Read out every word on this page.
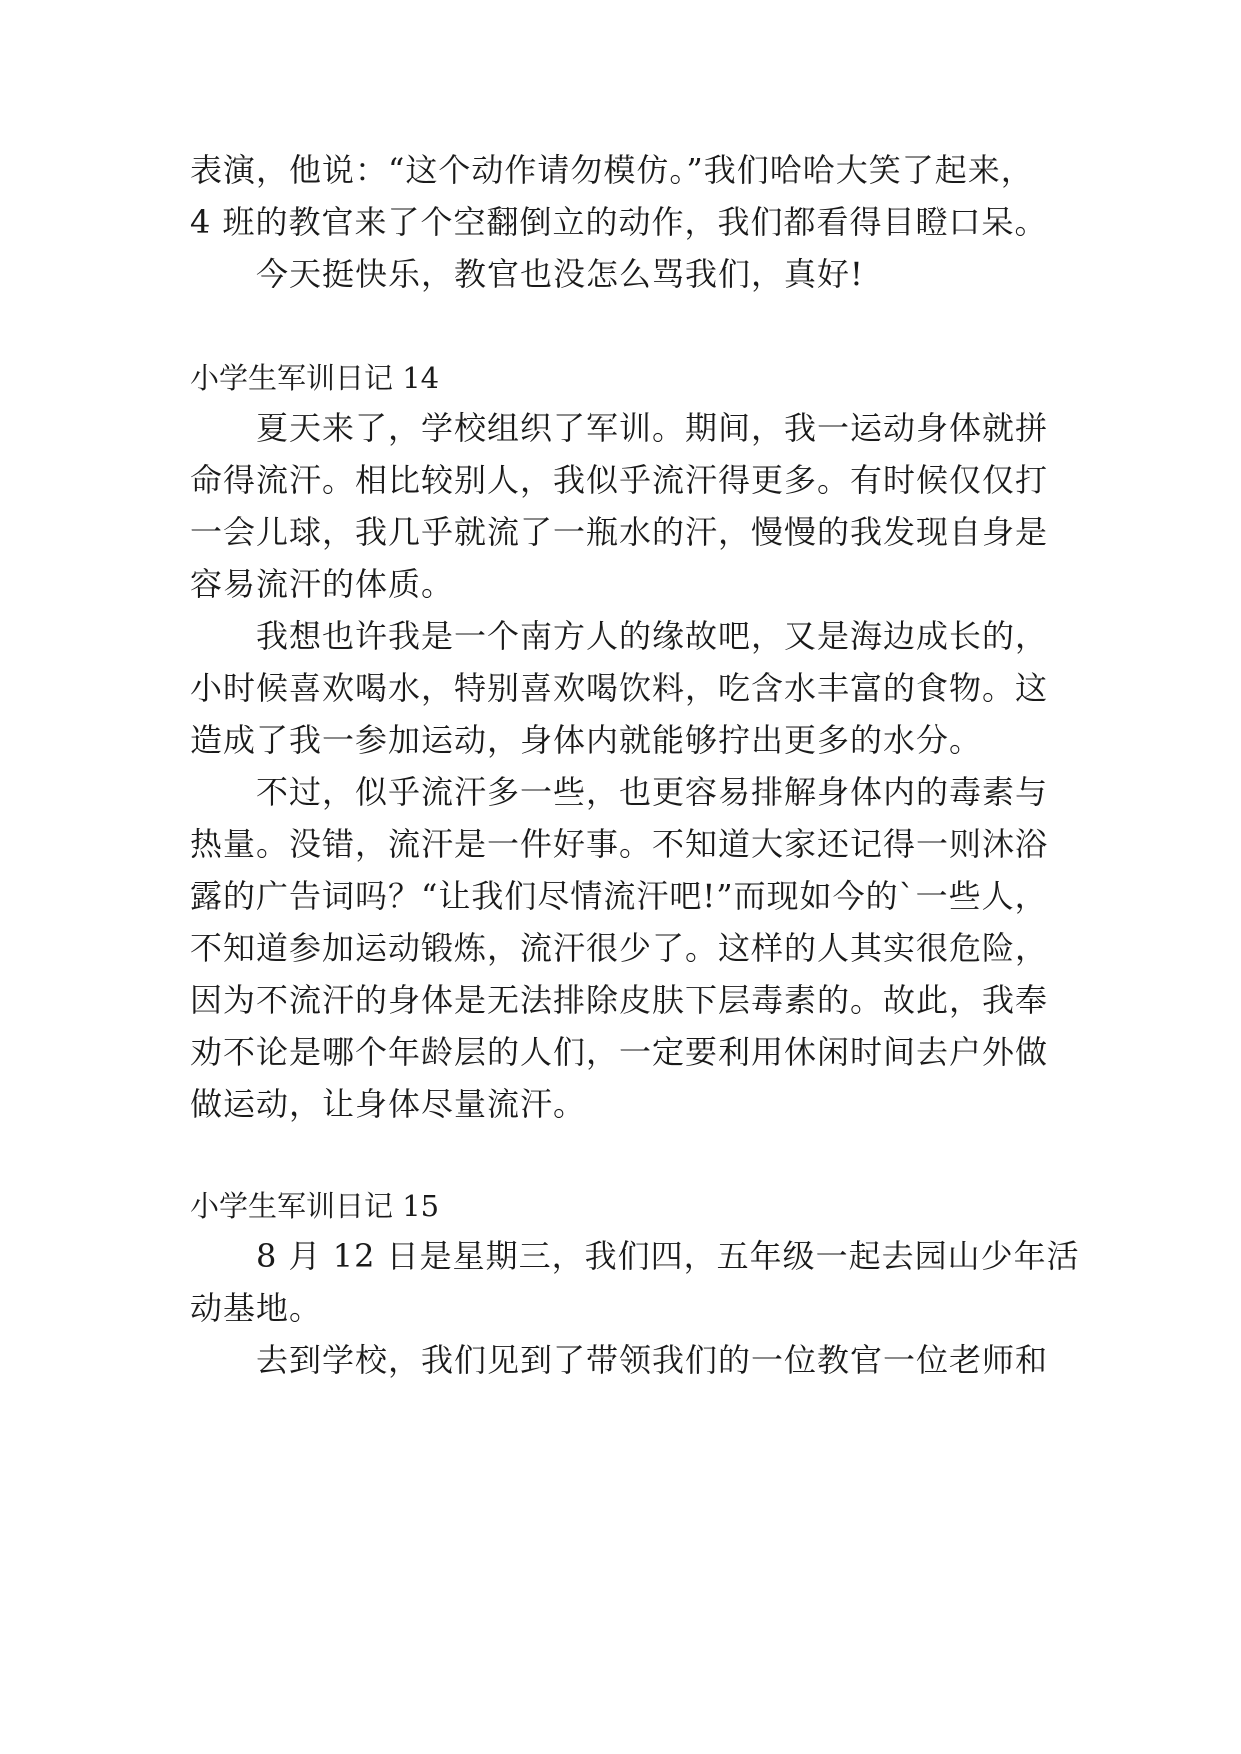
表演，他说：“这个动作请勿模仿。”我们哈哈大笑了起来，
4 班的教官来了个空翻倒立的动作，我们都看得目瞪口呆。
今天挺快乐，教官也没怎么骂我们，真好!
小学生军训日记 14
夏天来了，学校组织了军训。期间，我一运动身体就拼
命得流汗。相比较别人，我似乎流汗得更多。有时候仅仅打
一会儿球，我几乎就流了一瓶水的汗，慢慢的我发现自身是
容易流汗的体质。
我想也许我是一个南方人的缘故吧，又是海边成长的，
小时候喜欢喝水，特别喜欢喝饮料，吃含水丰富的食物。这
造成了我一参加运动，身体内就能够拧出更多的水分。
不过，似乎流汗多一些，也更容易排解身体内的毒素与
热量。没错，流汗是一件好事。不知道大家还记得一则沐浴
露的广告词吗？“让我们尽情流汗吧!”而现如今的`一些人，
不知道参加运动锻炼，流汗很少了。这样的人其实很危险，
因为不流汗的身体是无法排除皮肤下层毒素的。故此，我奉
劝不论是哪个年龄层的人们，一定要利用休闲时间去户外做
做运动，让身体尽量流汗。
小学生军训日记 15
8 月 12 日是星期三，我们四，五年级一起去园山少年活
动基地。
去到学校，我们见到了带领我们的一位教官一位老师和
